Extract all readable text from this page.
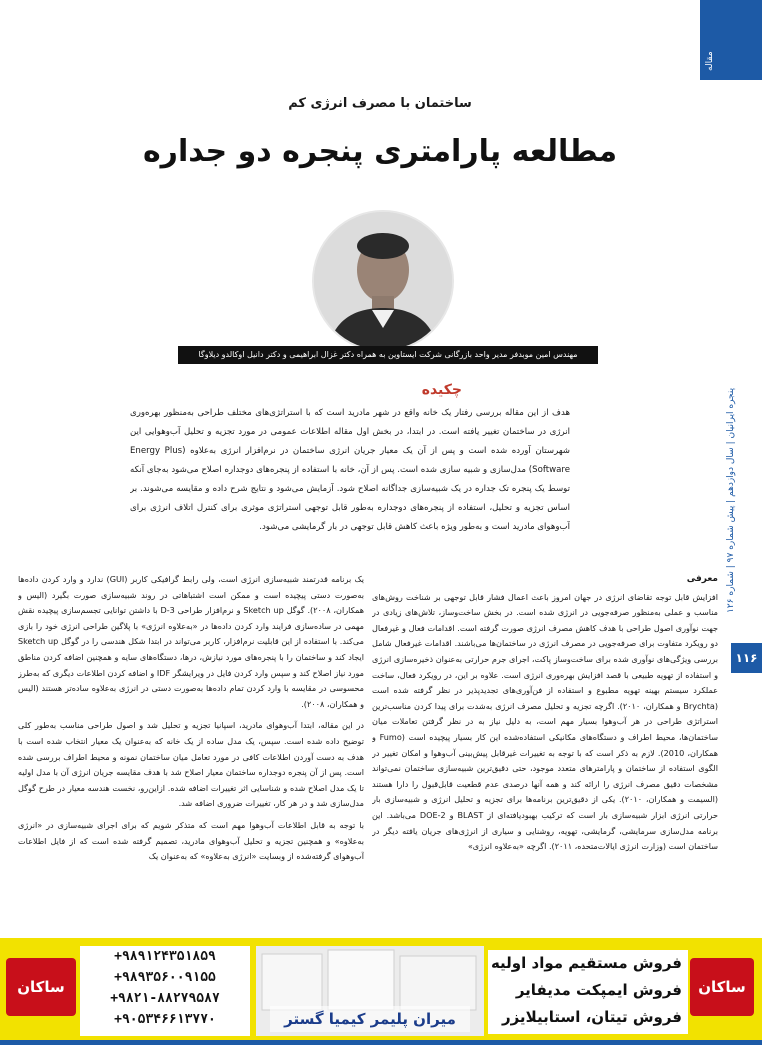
مقاله
پنجره ایرانیان | سال دوازدهم | پیش شماره ۹۷ | شماره ۱۲۶
۱۱۶
ساختمان با مصرف انرژی کم
مطالعه پارامتری پنجره دو جداره
مهندس امین موبدفر مدیر واحد بازرگانی شرکت ایستاوین به همراه دکتر غزال ابراهیمی و دکتر دانیل اوکالدو دیلاوگا
چکیده
هدف از این مقاله بررسی رفتار یک خانه واقع در شهر مادرید است که با استراتژی‌های مختلف طراحی به‌منظور بهره‌وری انرژی در ساختمان تغییر یافته است. در ابتدا، در بخش اول مقاله اطلاعات عمومی در مورد تجزیه و تحلیل آب‌وهوایی این شهرستان آورده شده است و پس از آن یک معیار جریان انرژی ساختمان در نرم‌افزار انرژی به‌علاوه (Energy Plus Software) مدل‌سازی و شبیه سازی شده است. پس از آن، خانه با استفاده از پنجره‌های دوجداره اصلاح می‌شود به‌جای آنکه توسط یک پنجره تک جداره در یک شبیه‌سازی جداگانه اصلاح شود. آزمایش می‌شود و نتایج شرح داده و مقایسه می‌شوند. بر اساس تجزیه و تحلیل، استفاده از پنجره‌های دوجداره به‌طور قابل توجهی استراتژی موثری برای کنترل اتلاف انرژی برای آب‌وهوای مادرید است و به‌طور ویژه باعث کاهش قابل توجهی در بار گرمایشی می‌شود.
معرفی

افزایش قابل توجه تقاضای انرژی در جهان امروز باعث اعمال فشار قابل توجهی بر شناخت روش‌های مناسب و عملی به‌منظور صرفه‌جویی در انرژی شده است. در بخش ساخت‌وساز، تلاش‌های زیادی در جهت نوآوری اصول طراحی با هدف کاهش مصرف انرژی صورت گرفته است. اقدامات فعال و غیرفعال دو رویکرد متفاوت برای صرفه‌جویی در مصرف انرژی در ساختمان‌ها می‌باشند. اقدامات غیرفعال شامل بررسی ویژگی‌های نوآوری شده برای ساخت‌وساز پاکت، اجرای جرم حرارتی به‌عنوان ذخیره‌سازی انرژی و استفاده از تهویه طبیعی با قصد افزایش بهره‌وری انرژی است. علاوه بر این، در رویکرد فعال، ساخت عملکرد سیستم بهینه تهویه مطبوع و استفاده از فن‌آوری‌های تجدیدپذیر در نظر گرفته شده است (Brychta و همکاران، ۲۰۱۰). اگرچه تجزیه و تحلیل مصرف انرژی به‌شدت برای پیدا کردن مناسب‌ترین استراتژی طراحی در هر آب‌وهوا بسیار مهم است، به دلیل نیاز به در نظر گرفتن تعاملات میان ساختمان‌ها، محیط اطراف و دستگاه‌های مکانیکی استفاده‌شده این کار بسیار پیچیده است (Fumo و همکاران، 2010). لازم به ذکر است که با توجه به تغییرات غیرقابل پیش‌بینی آب‌وهوا و امکان تغییر در الگوی استفاده از ساختمان و پارامترهای متعدد موجود، حتی دقیق‌ترین شبیه‌سازی ساختمان نمی‌تواند مشخصات دقیق مصرف انرژی را ارائه کند و همه آنها درصدی عدم قطعیت قابل‌قبول را دارا هستند (السیمت و همکاران، ۲۰۱۰). یکی از دقیق‌ترین برنامه‌ها برای تجزیه و تحلیل انرژی و شبیه‌سازی بار حرارتی انرژی ابزار شبیه‌سازی بار است که ترکیب بهبودیافته‌ای از BLAST و DOE-2 می‌باشد. این برنامه مدل‌سازی سرمایشی، گرمایشی، تهویه، روشنایی و سیاری از انرژی‌های جریان یافته دیگر در ساختمان است (وزارت انرژی ایالات‌متحده، ۲۰۱۱). اگرچه «به‌علاوه انرژی»

یک برنامه قدرتمند شبیه‌سازی انرژی است، ولی رابط گرافیکی کاربر (GUI) ندارد و وارد کردن داده‌ها به‌صورت دستی پیچیده است و ممکن است اشتباهاتی در روند شبیه‌سازی صورت بگیرد (الیس و همکاران، ۲۰۰۸). گوگل Sketch up و نرم‌افزار طراحی 3-D با داشتن توانایی تجسم‌سازی پیچیده نقش مهمی در ساده‌سازی فرایند وارد کردن داده‌ها در «به‌علاوه انرژی» با پلاگین طراحی انرژی خود را بازی می‌کند. با استفاده از این قابلیت نرم‌افزار، کاربر می‌تواند در ابتدا شکل هندسی را در گوگل Sketch up ایجاد کند و ساختمان را با پنجره‌های مورد نیازش، درها، دستگاه‌های سایه و همچنین اضافه کردن مناطق مورد نیاز اصلاح کند و سپس وارد کردن فایل در ویرایشگر IDF و اضافه کردن اطلاعات دیگری که به‌طرز محسوسی در مقایسه با وارد کردن تمام داده‌ها به‌صورت دستی در انرژی به‌علاوه ساده‌تر هستند (الیس و همکاران، ۲۰۰۸).

در این مقاله، ابتدا آب‌وهوای مادرید، اسپانیا تجزیه و تحلیل شد و اصول طراحی مناسب به‌طور کلی توضیح داده شده است. سپس، یک مدل ساده از یک خانه که به‌عنوان یک معیار انتخاب شده است با هدف به دست آوردن اطلاعات کافی در مورد تعامل میان ساختمان نمونه و محیط اطراف بررسی شده است. پس از آن پنجره دوجداره ساختمان معیار اصلاح شد با هدف مقایسه جریان انرژی آن با مدل اولیه تا یک مدل اصلاح شده و شناسایی اثر تغییرات اضافه شده. ازاین‌رو، نخست هندسه معیار در طرح گوگل مدل‌سازی شد و در هر کار، تغییرات ضروری اضافه شد.

با توجه به قابل اطلاعات آب‌وهوا مهم است که متذکر شویم که برای اجرای شبیه‌سازی در «انرژی به‌علاوه» و همچنین تجزیه و تحلیل آب‌وهوای مادرید، تصمیم گرفته شده است که از فایل اطلاعات آب‌وهوای گرفته‌شده از وبسایت «انرژی به‌علاوه» که به‌عنوان یک

ساکان
+۹۸۹۱۲۴۳۵۱۸۵۹
+۹۸۹۳۵۶۰۰۹۱۵۵
+۹۸۲۱-۸۸۲۷۹۵۸۷
+۹۰۵۳۴۶۶۱۳۷۷۰	میران پلیمر کیمیا گستر
فروش مستقیم مواد اولیه
فروش ایمپکت مدیفایر
فروش تیتان، استابیلایزر
ساکان
